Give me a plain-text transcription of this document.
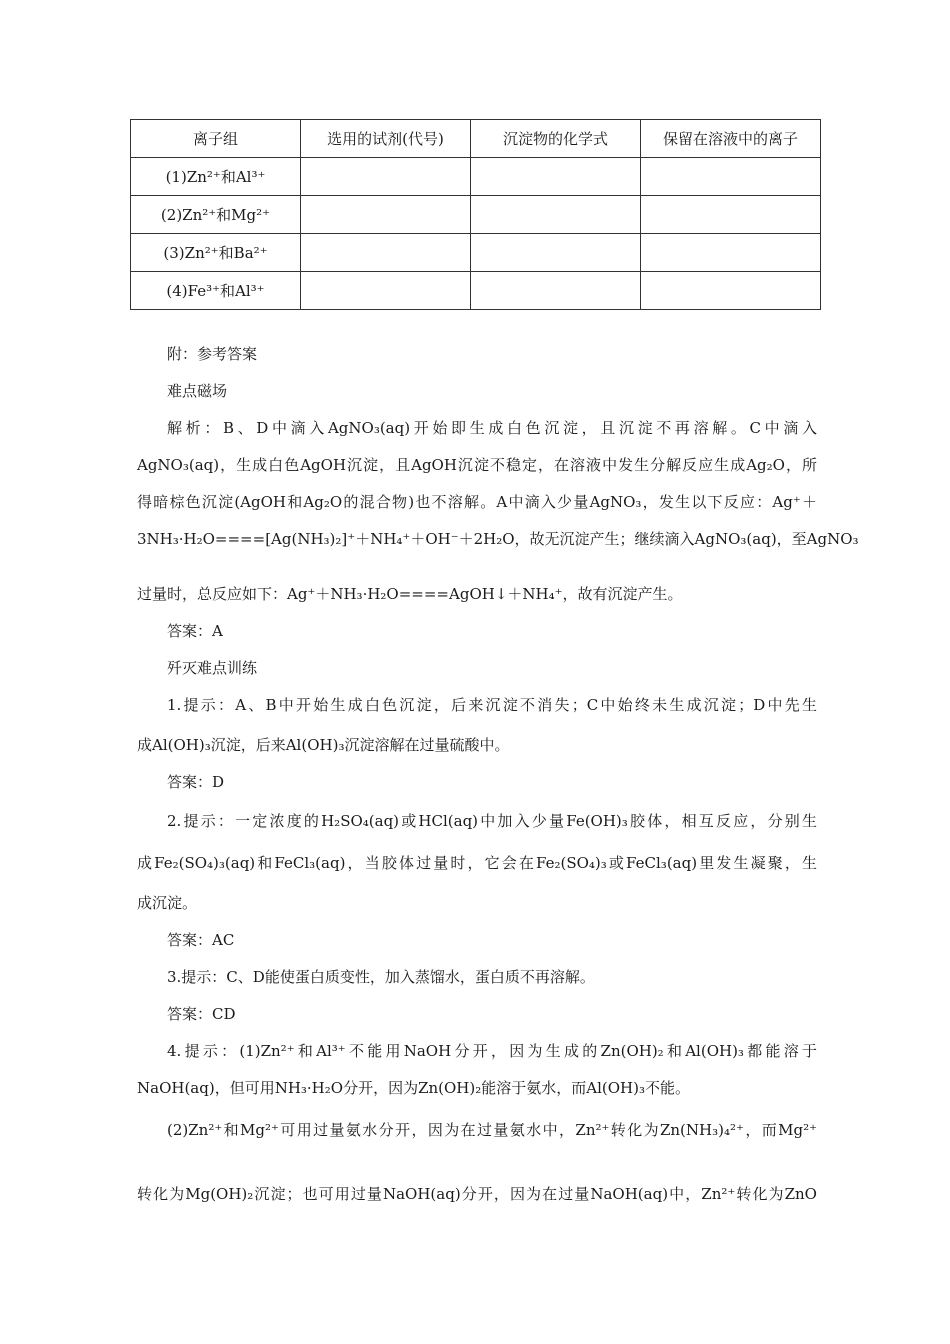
离子组	选用的试剂(代号)	沉淀物的化学式	保留在溶液中的离子
(1)Zn²⁺和Al³⁺			
(2)Zn²⁺和Mg²⁺			
(3)Zn²⁺和Ba²⁺			
(4)Fe³⁺和Al³⁺			
附：参考答案
难点磁场
解析：B、D中滴入AgNO₃(aq)开始即生成白色沉淀，且沉淀不再溶解。C中滴入
AgNO₃(aq)，生成白色AgOH沉淀，且AgOH沉淀不稳定，在溶液中发生分解反应生成Ag₂O，所
得暗棕色沉淀(AgOH和Ag₂O的混合物)也不溶解。A中滴入少量AgNO₃，发生以下反应：Ag⁺＋
3NH₃·H₂O====[Ag(NH₃)₂]⁺＋NH₄⁺＋OH⁻＋2H₂O，故无沉淀产生；继续滴入AgNO₃(aq)，至AgNO₃
过量时，总反应如下：Ag⁺＋NH₃·H₂O====AgOH↓＋NH₄⁺，故有沉淀产生。
答案：A
歼灭难点训练
1.提示：A、B中开始生成白色沉淀，后来沉淀不消失；C中始终未生成沉淀；D中先生
成Al(OH)₃沉淀，后来Al(OH)₃沉淀溶解在过量硫酸中。
答案：D
2.提示：一定浓度的H₂SO₄(aq)或HCl(aq)中加入少量Fe(OH)₃胶体，相互反应，分别生
成Fe₂(SO₄)₃(aq)和FeCl₃(aq)，当胶体过量时，它会在Fe₂(SO₄)₃或FeCl₃(aq)里发生凝聚，生
成沉淀。
答案：AC
3.提示：C、D能使蛋白质变性，加入蒸馏水，蛋白质不再溶解。
答案：CD
4.提示：(1)Zn²⁺和Al³⁺不能用NaOH分开，因为生成的Zn(OH)₂和Al(OH)₃都能溶于
NaOH(aq)，但可用NH₃·H₂O分开，因为Zn(OH)₂能溶于氨水，而Al(OH)₃不能。
(2)Zn²⁺和Mg²⁺可用过量氨水分开，因为在过量氨水中，Zn²⁺转化为Zn(NH₃)₄²⁺，而Mg²⁺
转化为Mg(OH)₂沉淀；也可用过量NaOH(aq)分开，因为在过量NaOH(aq)中，Zn²⁺转化为ZnO
